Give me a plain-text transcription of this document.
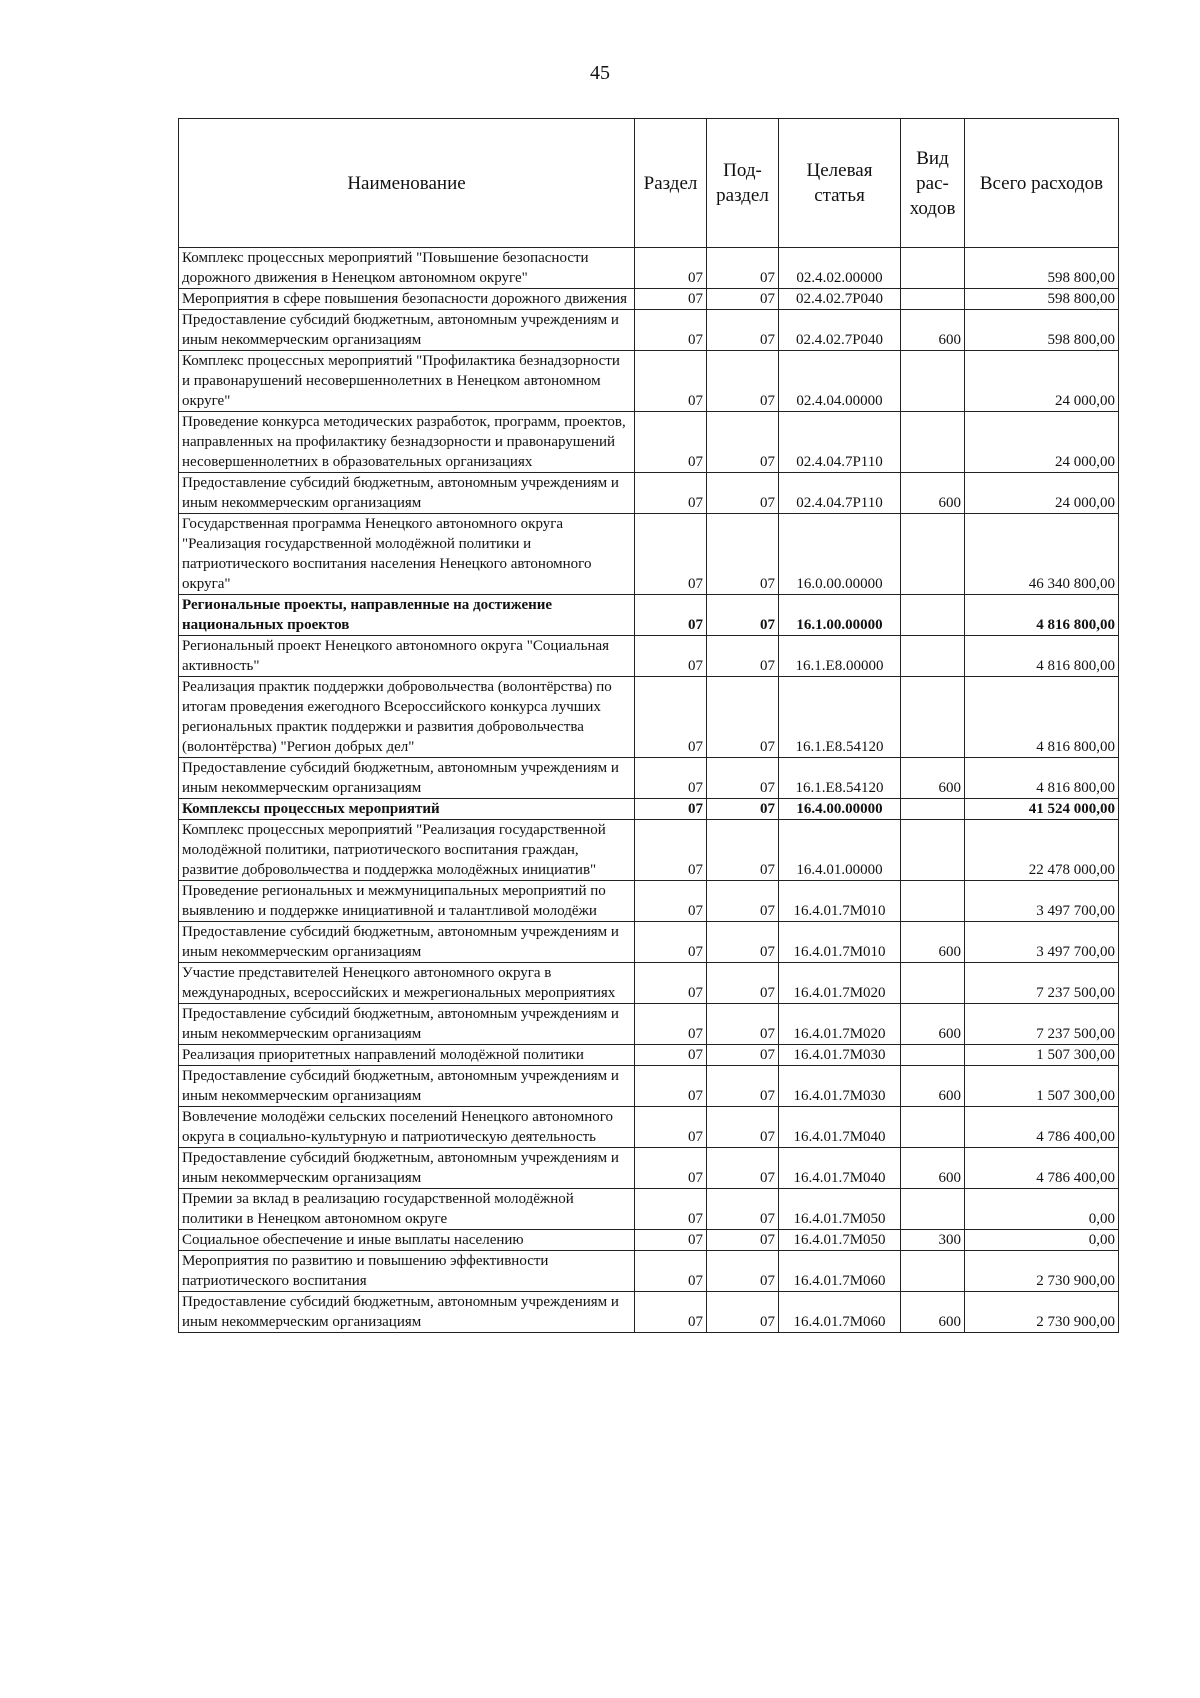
45
Наименование	Раздел	Под-раздел	Целевая статья	Вид рас-ходов	Всего расходов
Комплекс процессных мероприятий "Повышение безопасности дорожного движения в Ненецком автономном округе"	07	07	02.4.02.00000		598 800,00
Мероприятия в сфере повышения безопасности дорожного движения	07	07	02.4.02.7P040		598 800,00
Предоставление субсидий бюджетным, автономным учреждениям и иным некоммерческим организациям	07	07	02.4.02.7P040	600	598 800,00
Комплекс процессных мероприятий "Профилактика безнадзорности и правонарушений несовершеннолетних в Ненецком автономном округе"	07	07	02.4.04.00000		24 000,00
Проведение конкурса методических разработок, программ, проектов, направленных на профилактику безнадзорности и правонарушений несовершеннолетних в образовательных организациях	07	07	02.4.04.7P110		24 000,00
Предоставление субсидий бюджетным, автономным учреждениям и иным некоммерческим организациям	07	07	02.4.04.7P110	600	24 000,00
Государственная программа Ненецкого автономного округа "Реализация государственной молодёжной политики и патриотического воспитания населения Ненецкого автономного округа"	07	07	16.0.00.00000		46 340 800,00
Региональные проекты, направленные на достижение национальных проектов	07	07	16.1.00.00000		4 816 800,00
Региональный проект Ненецкого автономного округа "Социальная активность"	07	07	16.1.E8.00000		4 816 800,00
Реализация практик поддержки добровольчества (волонтёрства) по итогам проведения ежегодного Всероссийского конкурса лучших региональных практик поддержки и развития добровольчества (волонтёрства) "Регион добрых дел"	07	07	16.1.E8.54120		4 816 800,00
Предоставление субсидий бюджетным, автономным учреждениям и иным некоммерческим организациям	07	07	16.1.E8.54120	600	4 816 800,00
Комплексы процессных мероприятий	07	07	16.4.00.00000		41 524 000,00
Комплекс процессных мероприятий "Реализация государственной молодёжной политики, патриотического воспитания граждан, развитие добровольчества и поддержка молодёжных инициатив"	07	07	16.4.01.00000		22 478 000,00
Проведение региональных и межмуниципальных мероприятий по выявлению и поддержке инициативной и талантливой молодёжи	07	07	16.4.01.7M010		3 497 700,00
Предоставление субсидий бюджетным, автономным учреждениям и иным некоммерческим организациям	07	07	16.4.01.7M010	600	3 497 700,00
Участие представителей Ненецкого автономного округа в международных, всероссийских и межрегиональных мероприятиях	07	07	16.4.01.7M020		7 237 500,00
Предоставление субсидий бюджетным, автономным учреждениям и иным некоммерческим организациям	07	07	16.4.01.7M020	600	7 237 500,00
Реализация приоритетных направлений молодёжной политики	07	07	16.4.01.7M030		1 507 300,00
Предоставление субсидий бюджетным, автономным учреждениям и иным некоммерческим организациям	07	07	16.4.01.7M030	600	1 507 300,00
Вовлечение молодёжи сельских поселений Ненецкого автономного округа в социально-культурную и патриотическую деятельность	07	07	16.4.01.7M040		4 786 400,00
Предоставление субсидий бюджетным, автономным учреждениям и иным некоммерческим организациям	07	07	16.4.01.7M040	600	4 786 400,00
Премии за вклад в реализацию государственной молодёжной политики в Ненецком автономном округе	07	07	16.4.01.7M050		0,00
Социальное обеспечение и иные выплаты населению	07	07	16.4.01.7M050	300	0,00
Мероприятия по развитию и повышению эффективности патриотического воспитания	07	07	16.4.01.7M060		2 730 900,00
Предоставление субсидий бюджетным, автономным учреждениям и иным некоммерческим организациям	07	07	16.4.01.7M060	600	2 730 900,00
